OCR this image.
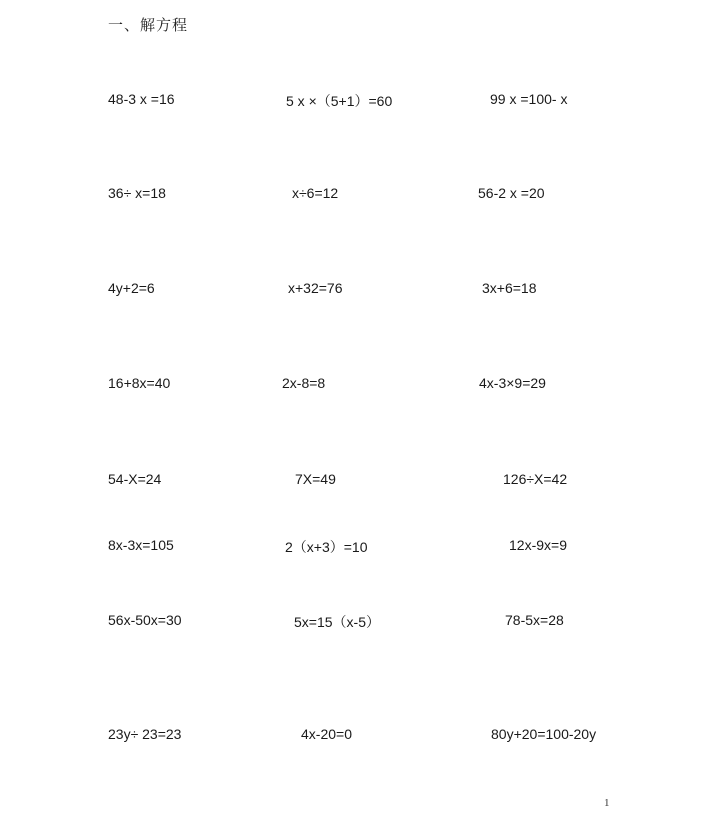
一、解方程
48-3 x =16	5 x ×（5+1）=60	99 x =100- x
36÷ x=18	x÷6=12	56-2 x =20
4y+2=6	x+32=76	3x+6=18
16+8x=40	2x-8=8	4x-3×9=29
54-X=24	7X=49	126÷X=42
8x-3x=105	2（x+3）=10	12x-9x=9
56x-50x=30	5x=15（x-5）	78-5x=28
23y÷ 23=23	4x-20=0	80y+20=100-20y
1
